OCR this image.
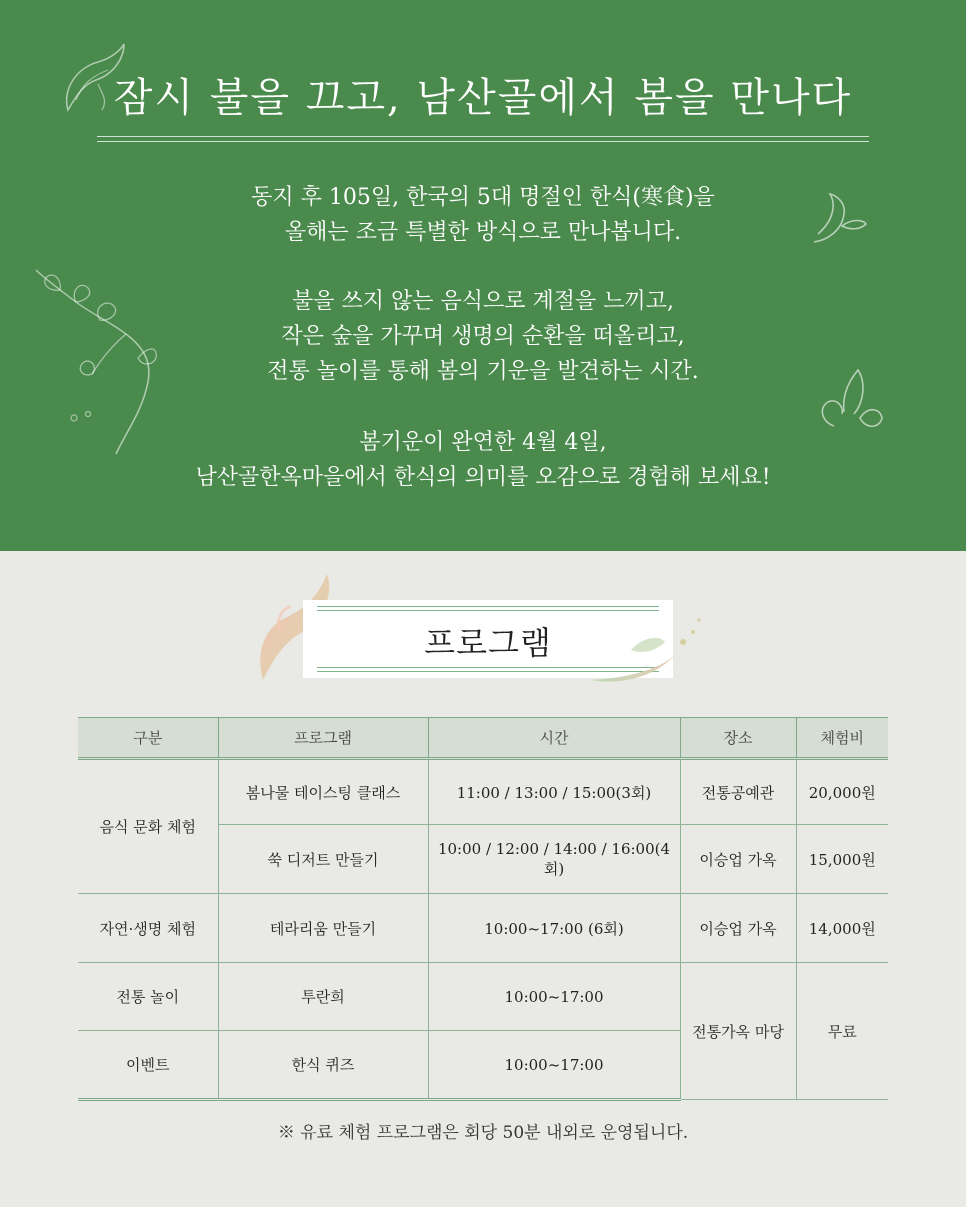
잠시 불을 끄고, 남산골에서 봄을 만나다
동지 후 105일, 한국의 5대 명절인 한식(寒食)을
올해는 조금 특별한 방식으로 만나봅니다.
불을 쓰지 않는 음식으로 계절을 느끼고,
작은 숲을 가꾸며 생명의 순환을 떠올리고,
전통 놀이를 통해 봄의 기운을 발견하는 시간.
봄기운이 완연한 4월 4일,
남산골한옥마을에서 한식의 의미를 오감으로 경험해 보세요!
프로그램
구분	프로그램	시간	장소	체험비
음식 문화 체험	봄나물 테이스팅 클래스	11:00 / 13:00 / 15:00(3회)	전통공예관	20,000원
	쑥 디저트 만들기	10:00 / 12:00 / 14:00 / 16:00(4회)	이승업 가옥	15,000원
자연·생명 체험	테라리움 만들기	10:00~17:00 (6회)	이승업 가옥	14,000원
전통 놀이	투란희	10:00~17:00	전통가옥 마당	무료
이벤트	한식 퀴즈	10:00~17:00		
※ 유료 체험 프로그램은 회당 50분 내외로 운영됩니다.
